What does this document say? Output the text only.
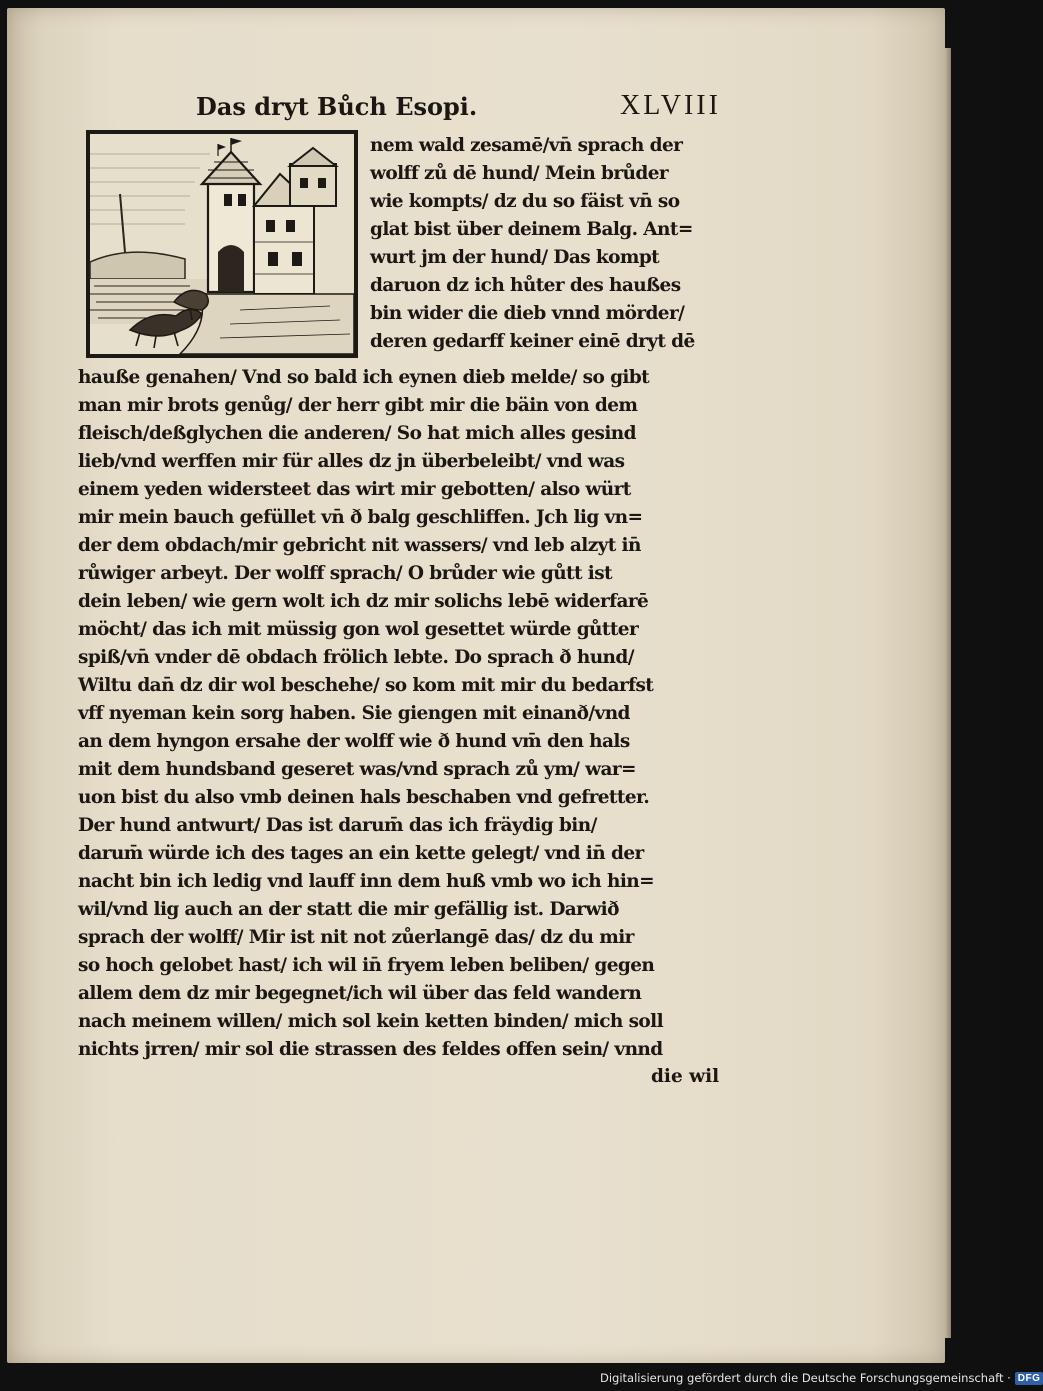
Das dryt Bůch Esopi.	XLVIII
nem wald zesamē/vn̄ sprach der
wolff zů dē hund/ Mein brůder
wie kompts/ dz du so fäist vn̄ so
glat bist über deinem Balg. Ant=
wurt jm der hund/ Das kompt
daruon dz ich hůter des haußes
bin wider die dieb vnnd mörder/
deren gedarff keiner einē dryt dē
hauße genahen/ Vnd so bald ich eynen dieb melde/ so gibt
man mir brots genůg/ der herr gibt mir die bäin von dem
fleisch/deßglychen die anderen/ So hat mich alles gesind
lieb/vnd werffen mir für alles dz jn überbeleibt/ vnd was
einem yeden widersteet das wirt mir gebotten/ also würt
mir mein bauch gefüllet vn̄ ð balg geschliffen. Jch lig vn=
der dem obdach/mir gebricht nit wassers/ vnd leb alzyt in̄
růwiger arbeyt. Der wolff sprach/ O brůder wie gůtt ist
dein leben/ wie gern wolt ich dz mir solichs lebē widerfarē
möcht/ das ich mit müssig gon wol gesettet würde gůtter
spiß/vn̄ vnder dē obdach frölich lebte. Do sprach ð hund/
Wiltu dan̄ dz dir wol beschehe/ so kom mit mir du bedarfst
vff nyeman kein sorg haben. Sie giengen mit einanð/vnd
an dem hyngon ersahe der wolff wie ð hund vm̄ den hals
mit dem hundsband geseret was/vnd sprach zů ym/ war=
uon bist du also vmb deinen hals beschaben vnd gefretter.
Der hund antwurt/ Das ist darum̄ das ich fräydig bin/
darum̄ würde ich des tages an ein kette gelegt/ vnd in̄ der
nacht bin ich ledig vnd lauff inn dem huß vmb wo ich hin=
wil/vnd lig auch an der statt die mir gefällig ist. Darwið
sprach der wolff/ Mir ist nit not zůerlangē das/ dz du mir
so hoch gelobet hast/ ich wil in̄ fryem leben beliben/ gegen
allem dem dz mir begegnet/ich wil über das feld wandern
nach meinem willen/ mich sol kein ketten binden/ mich soll
nichts jrren/ mir sol die strassen des feldes offen sein/ vnnd
die wil
Digitalisierung gefördert durch die Deutsche Forschungsgemeinschaft · DFG
